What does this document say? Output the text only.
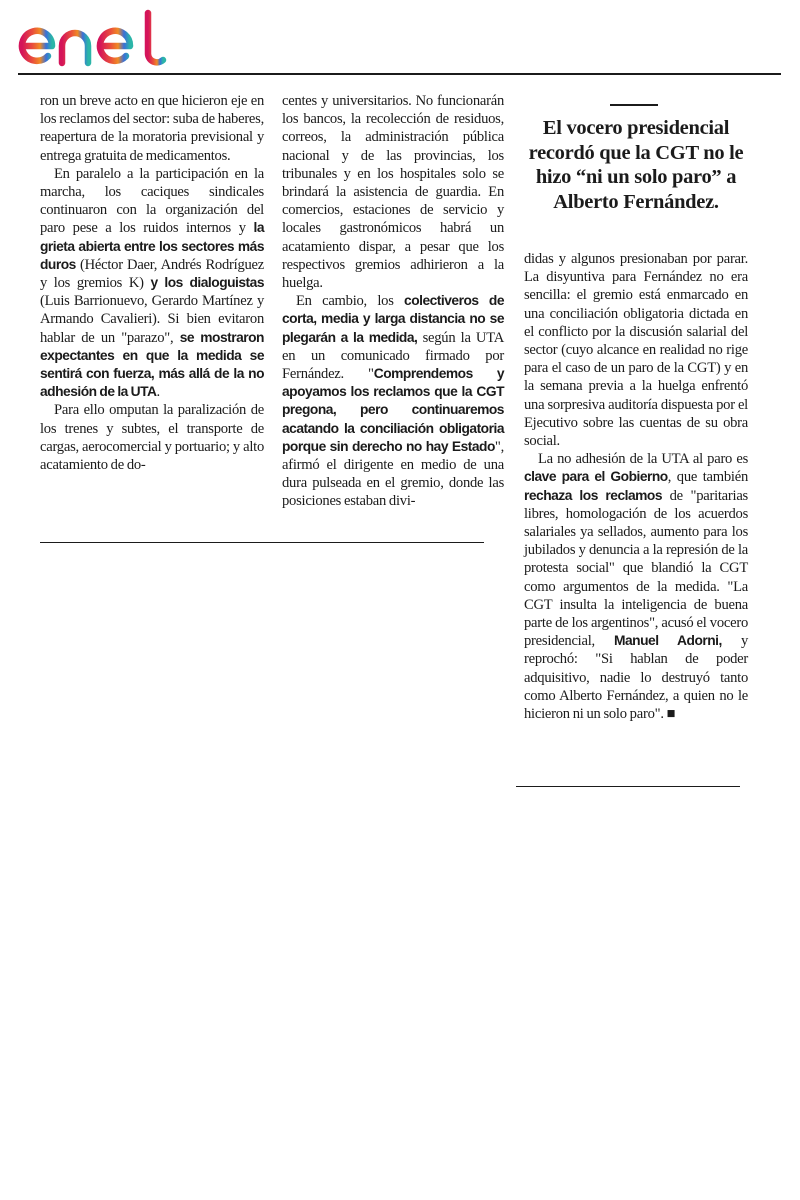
ron un breve acto en que hicieron eje en los reclamos del sector: suba de haberes, reapertura de la moratoria previsional y entrega gratuita de medicamentos.

En paralelo a la participación en la marcha, los caciques sindicales continuaron con la organización del paro pese a los ruidos internos y la grieta abierta entre los sectores más duros (Héctor Daer, Andrés Rodríguez y los gremios K) y los dialoguistas (Luis Barrionuevo, Gerardo Martínez y Armando Cavalieri). Si bien evitaron hablar de un "parazo", se mostraron expectantes en que la medida se sentirá con fuerza, más allá de la no adhesión de la UTA.

Para ello omputan la paralización de los trenes y subtes, el transporte de cargas, aerocomercial y portuario; y alto acatamiento de do-

centes y universitarios. No funcionarán los bancos, la recolección de residuos, correos, la administración pública nacional y de las provincias, los tribunales y en los hospitales solo se brindará la asistencia de guardia. En comercios, estaciones de servicio y locales gastronómicos habrá un acatamiento dispar, a pesar que los respectivos gremios adhirieron a la huelga.

En cambio, los colectiveros de corta, media y larga distancia no se plegarán a la medida, según la UTA en un comunicado firmado por Fernández. "Comprendemos y apoyamos los reclamos que la CGT pregona, pero continuaremos acatando la conciliación obligatoria porque sin derecho no hay Estado", afirmó el dirigente en medio de una dura pulseada en el gremio, donde las posiciones estaban divi-

El vocero presidencial recordó que la CGT no le hizo “ni un solo paro” a Alberto Fernández.

didas y algunos presionaban por parar. La disyuntiva para Fernández no era sencilla: el gremio está enmarcado en una conciliación obligatoria dictada en el conflicto por la discusión salarial del sector (cuyo alcance en realidad no rige para el caso de un paro de la CGT) y en la semana previa a la huelga enfrentó una sorpresiva auditoría dispuesta por el Ejecutivo sobre las cuentas de su obra social.

La no adhesión de la UTA al paro es clave para el Gobierno, que también rechaza los reclamos de "paritarias libres, homologación de los acuerdos salariales ya sellados, aumento para los jubilados y denuncia a la represión de la protesta social" que blandió la CGT como argumentos de la medida. "La CGT insulta la inteligencia de buena parte de los argentinos", acusó el vocero presidencial, Manuel Adorni, y reprochó: "Si hablan de poder adquisitivo, nadie lo destruyó tanto como Alberto Fernández, a quien no le hicieron ni un solo paro". ■
